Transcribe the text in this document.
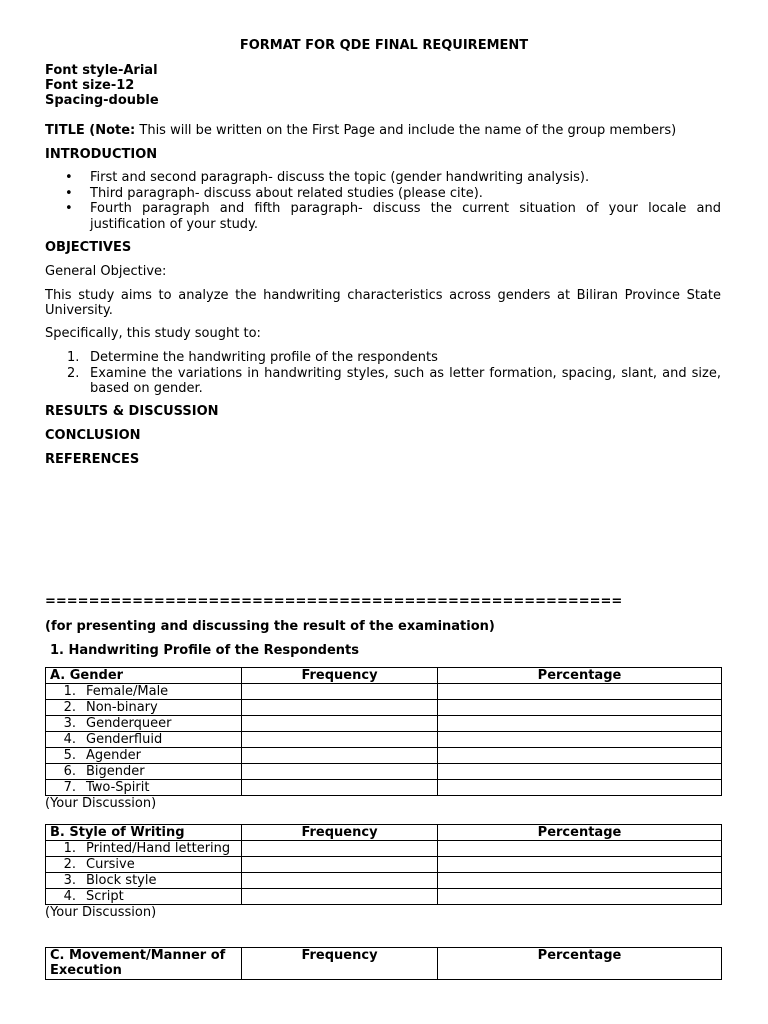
FORMAT FOR QDE FINAL REQUIREMENT
Font style-Arial
Font size-12
Spacing-double
TITLE (Note: This will be written on the First Page and include the name of the group members)
INTRODUCTION
• First and second paragraph- discuss the topic (gender handwriting analysis).
• Third paragraph- discuss about related studies (please cite).
• Fourth paragraph and fifth paragraph- discuss the current situation of your locale and justification of your study.
OBJECTIVES
General Objective:
This study aims to analyze the handwriting characteristics across genders at Biliran Province State University.
Specifically, this study sought to:
1. Determine the handwriting profile of the respondents
2. Examine the variations in handwriting styles, such as letter formation, spacing, slant, and size, based on gender.
RESULTS & DISCUSSION
CONCLUSION
REFERENCES
=====================================================
(for presenting and discussing the result of the examination)
1. Handwriting Profile of the Respondents
A. Gender	Frequency	Percentage

1. Female/Male		

2. Non-binary		

3. Genderqueer		

4. Genderfluid		

5. Agender		

6. Bigender		

7. Two-Spirit		

(Your Discussion)
B. Style of Writing	Frequency	Percentage

1. Printed/Hand lettering		

2. Cursive		

3. Block style		

4. Script		

(Your Discussion)
C. Movement/Manner of Execution	Frequency	Percentage
